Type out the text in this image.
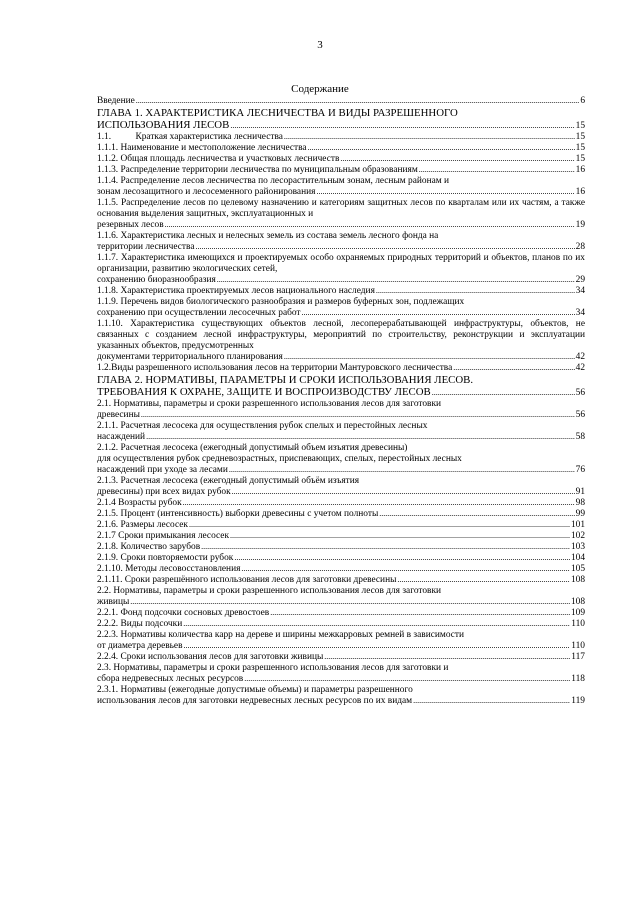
3
Содержание
Введение .....	6
ГЛАВА 1. ХАРАКТЕРИСТИКА ЛЕСНИЧЕСТВА И ВИДЫ РАЗРЕШЕННОГО
ИСПОЛЬЗОВАНИЯ ЛЕСОВ .....	15
1.1.	Краткая характеристика лесничества .....	15
1.1.1. Наименование и местоположение лесничества .....	15
1.1.2. Общая площадь лесничества и участковых лесничеств .....	15
1.1.3. Распределение территории лесничества по муниципальным образованиям .....	16
1.1.4. Распределение лесов лесничества по лесорастительным зонам, лесным районам и
зонам лесозащитного и лесосеменного районирования .....	16
1.1.5. Распределение лесов по целевому назначению и категориям защитных лесов по кварталам или их частям, а также основания выделения защитных, эксплуатационных и
резервных лесов .....	19
1.1.6. Характеристика лесных и нелесных земель из состава земель лесного фонда на
территории лесничества .....	28
1.1.7. Характеристика имеющихся и проектируемых особо охраняемых природных территорий и объектов, планов по их организации, развитию экологических сетей,
сохранению биоразнообразия .....	29
1.1.8. Характеристика проектируемых лесов национального наследия .....	34
1.1.9. Перечень видов биологического разнообразия и размеров буферных зон, подлежащих
сохранению при осуществлении лесосечных работ .....	34
1.1.10. Характеристика существующих объектов лесной, лесоперерабатывающей инфраструктуры, объектов, не связанных с созданием лесной инфраструктуры, мероприятий по строительству, реконструкции и эксплуатации указанных объектов, предусмотренных
документами территориального планирования .....	42
1.2.Виды разрешенного использования лесов на территории Мантуровского лесничества .....	42
ГЛАВА 2. НОРМАТИВЫ, ПАРАМЕТРЫ И СРОКИ ИСПОЛЬЗОВАНИЯ ЛЕСОВ.
ТРЕБОВАНИЯ К ОХРАНЕ, ЗАЩИТЕ И ВОСПРОИЗВОДСТВУ ЛЕСОВ .....	56
2.1. Нормативы, параметры и сроки разрешенного использования лесов для заготовки
древесины .....	56
2.1.1. Расчетная лесосека для осуществления рубок спелых и перестойных лесных
насаждений .....	58
2.1.2. Расчетная лесосека (ежегодный допустимый объем изъятия древесины)
для осуществления рубок средневозрастных, приспевающих, спелых, перестойных лесных
насаждений при уходе за лесами .....	76
2.1.3. Расчетная лесосека (ежегодный допустимый объём изъятия
древесины) при всех видах рубок .....	91
2.1.4 Возрасты рубок .....	98
2.1.5. Процент (интенсивность) выборки древесины с учетом полноты .....	99
2.1.6. Размеры лесосек .....	101
2.1.7 Сроки примыкания лесосек .....	102
2.1.8. Количество зарубов .....	103
2.1.9. Сроки повторяемости рубок .....	104
2.1.10. Методы лесовосстановления .....	105
2.1.11. Сроки разрешённого использования лесов для заготовки древесины .....	108
2.2. Нормативы, параметры и сроки разрешенного использования лесов для заготовки
живицы .....	108
2.2.1. Фонд подсочки сосновых древостоев .....	109
2.2.2. Виды подсочки .....	110
2.2.3. Нормативы количества карр на дереве и ширины межкарровых ремней в зависимости
от диаметра деревьев .....	110
2.2.4. Сроки использования лесов для заготовки живицы .....	117
2.3. Нормативы, параметры и сроки разрешенного использования лесов для заготовки и
сбора недревесных лесных ресурсов .....	118
2.3.1. Нормативы (ежегодные допустимые объемы) и параметры разрешенного
использования лесов для заготовки недревесных лесных ресурсов по их видам .....	119
